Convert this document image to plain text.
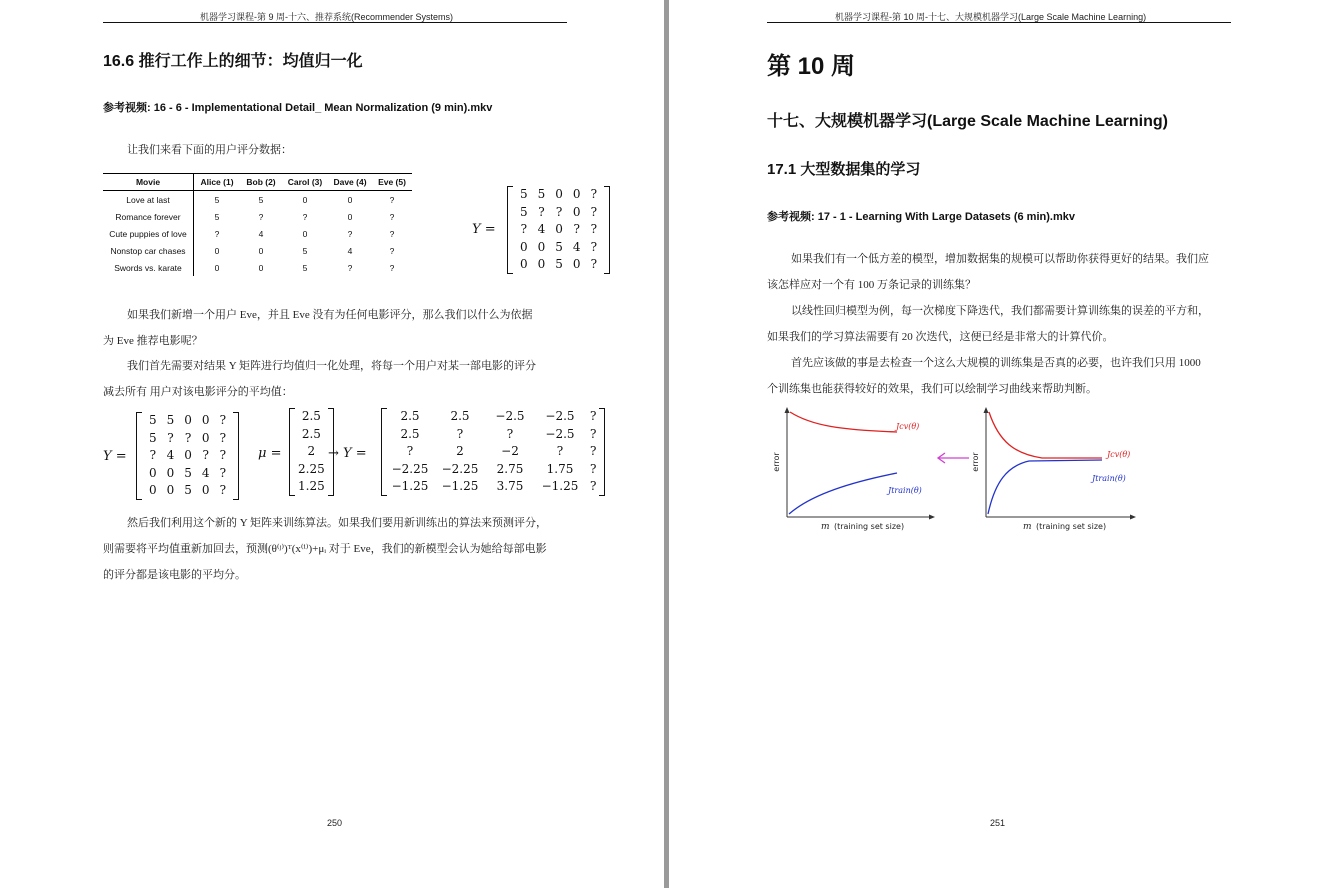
机器学习课程-第 9 周-十六、推荐系统(Recommender Systems)
16.6 推行工作上的细节：均值归一化
参考视频: 16 - 6 - Implementational Detail_ Mean Normalization (9 min).mkv
让我们来看下面的用户评分数据：
Movie	Alice (1)	Bob (2)	Carol (3)	Dave (4)	Eve (5)
Love at last	5	5	0	0	?
Romance forever	5	?	?	0	?
Cute puppies of love	?	4	0	?	?
Nonstop car chases	0	0	5	4	?
Swords vs. karate	0	0	5	?	?
Y =
5	5	0	0	?
5	?	?	0	?
?	4	0	?	?
0	0	5	4	?
0	0	5	0	?
如果我们新增一个用户 Eve，并且 Eve 没有为任何电影评分，那么我们以什么为依据
为 Eve 推荐电影呢？
我们首先需要对结果 Y 矩阵进行均值归一化处理，将每一个用户对某一部电影的评分
减去所有 用户对该电影评分的平均值：
Y =
5	5	0	0	?
5	?	?	0	?
?	4	0	?	?
0	0	5	4	?
0	0	5	0	?
μ =
2.5
2.5
2
2.25
1.25
→ Y =
2.5	2.5	−2.5	−2.5	?
2.5	?	?	−2.5	?
?	2	−2	?	?
−2.25	−2.25	2.75	1.75	?
−1.25	−1.25	3.75	−1.25	?
然后我们利用这个新的 Y 矩阵来训练算法。如果我们要用新训练出的算法来预测评分，
则需要将平均值重新加回去，预测(θ⁽ʲ⁾)ᵀ(x⁽ⁱ⁾)+μᵢ 对于 Eve，我们的新模型会认为她给每部电影
的评分都是该电影的平均分。
250
机器学习课程-第 10 周-十七、大规模机器学习(Large Scale Machine Learning)
第 10 周
十七、大规模机器学习(Large Scale Machine Learning)
17.1 大型数据集的学习
参考视频: 17 - 1 - Learning With Large Datasets (6 min).mkv
如果我们有一个低方差的模型，增加数据集的规模可以帮助你获得更好的结果。我们应
该怎样应对一个有 100 万条记录的训练集？
以线性回归模型为例，每一次梯度下降迭代，我们都需要计算训练集的误差的平方和，
如果我们的学习算法需要有 20 次迭代，这便已经是非常大的计算代价。
首先应该做的事是去检查一个这么大规模的训练集是否真的必要，也许我们只用 1000
个训练集也能获得较好的效果，我们可以绘制学习曲线来帮助判断。
error
Jcv(θ)
Jtrain(θ)
m (training set size)
error	Jcv(θ)
Jtrain(θ)
m (training set size)
251
